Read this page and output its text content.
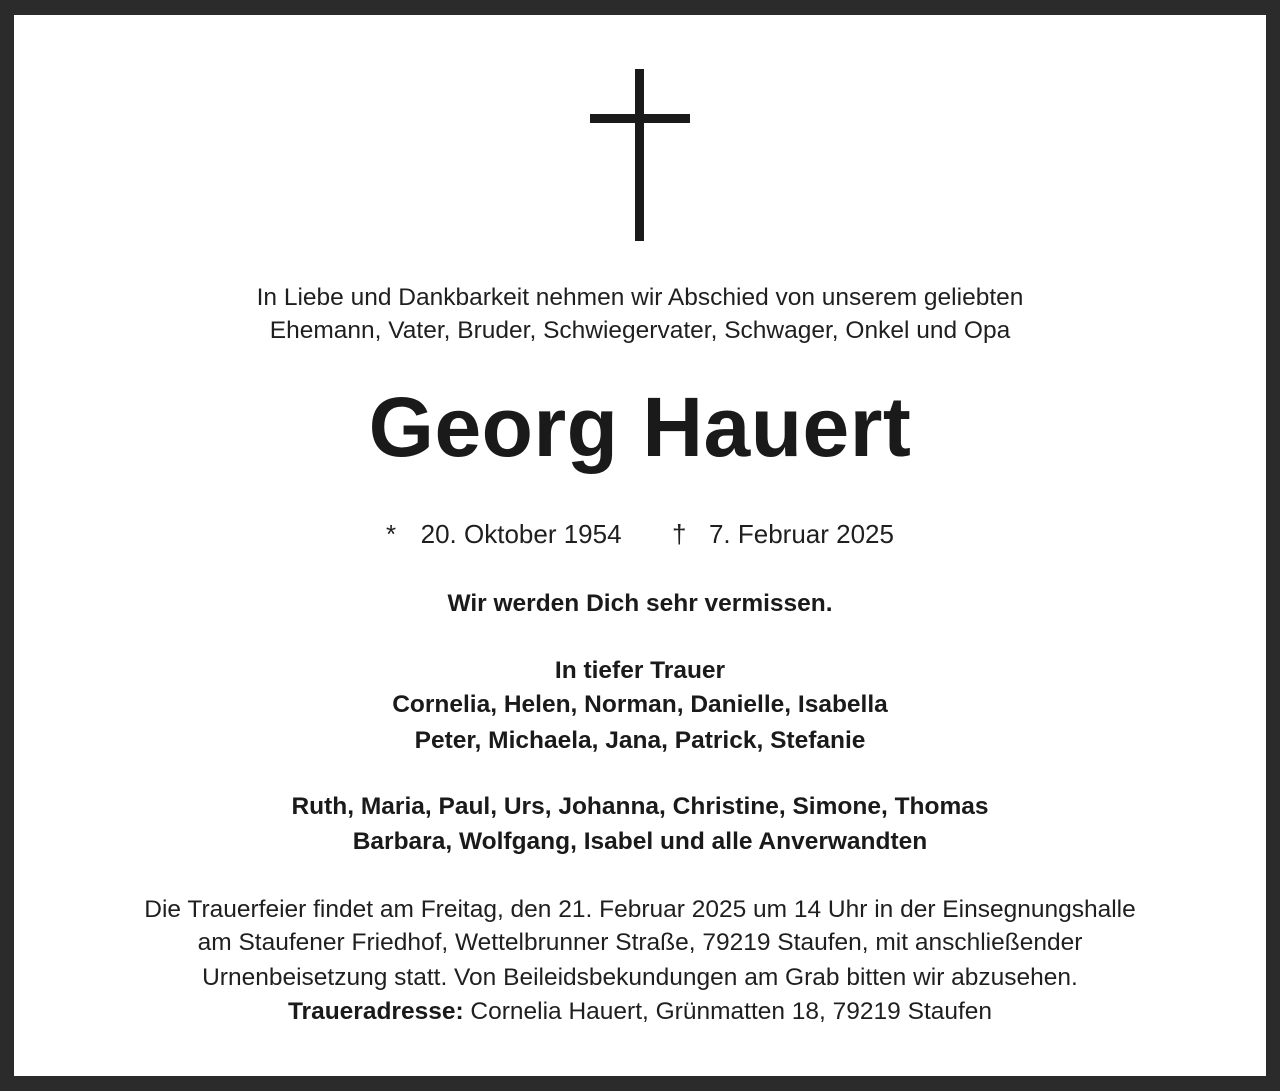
In Liebe und Dankbarkeit nehmen wir Abschied von unserem geliebten
Ehemann, Vater, Bruder, Schwiegervater, Schwager, Onkel und Opa
Georg Hauert
* 20. Oktober 1954 † 7. Februar 2025
Wir werden Dich sehr vermissen.
In tiefer Trauer
Cornelia, Helen, Norman, Danielle, Isabella
Peter, Michaela, Jana, Patrick, Stefanie
Ruth, Maria, Paul, Urs, Johanna, Christine, Simone, Thomas
Barbara, Wolfgang, Isabel und alle Anverwandten
Die Trauerfeier findet am Freitag, den 21. Februar 2025 um 14 Uhr in der Einsegnungshalle
am Staufener Friedhof, Wettelbrunner Straße, 79219 Staufen, mit anschließender
Urnenbeisetzung statt. Von Beileidsbekundungen am Grab bitten wir abzusehen.
Traueradresse: Cornelia Hauert, Grünmatten 18, 79219 Staufen
